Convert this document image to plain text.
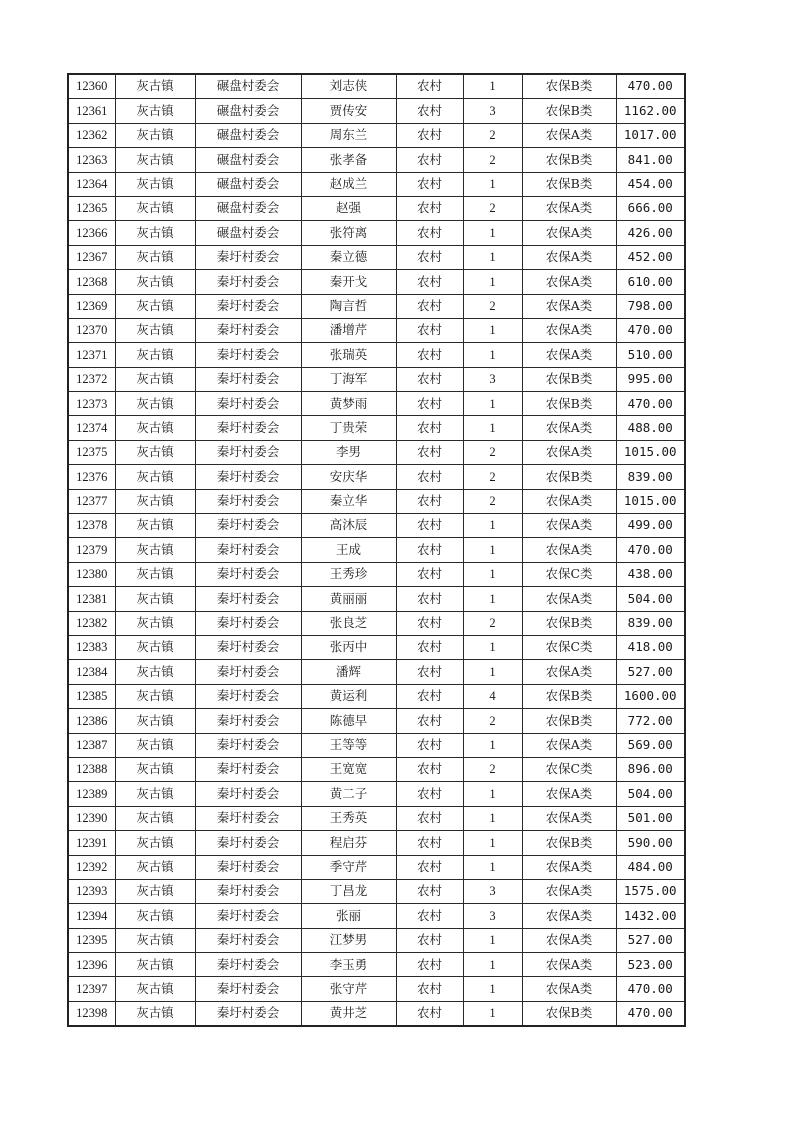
12360	灰古镇	碾盘村委会	刘志侠	农村	1	农保B类	470.00
12361	灰古镇	碾盘村委会	贾传安	农村	3	农保B类	1162.00
12362	灰古镇	碾盘村委会	周东兰	农村	2	农保A类	1017.00
12363	灰古镇	碾盘村委会	张孝备	农村	2	农保B类	841.00
12364	灰古镇	碾盘村委会	赵成兰	农村	1	农保B类	454.00
12365	灰古镇	碾盘村委会	赵强	农村	2	农保A类	666.00
12366	灰古镇	碾盘村委会	张符离	农村	1	农保A类	426.00
12367	灰古镇	秦圩村委会	秦立德	农村	1	农保A类	452.00
12368	灰古镇	秦圩村委会	秦开戈	农村	1	农保A类	610.00
12369	灰古镇	秦圩村委会	陶言哲	农村	2	农保A类	798.00
12370	灰古镇	秦圩村委会	潘增芹	农村	1	农保A类	470.00
12371	灰古镇	秦圩村委会	张瑞英	农村	1	农保A类	510.00
12372	灰古镇	秦圩村委会	丁海军	农村	3	农保B类	995.00
12373	灰古镇	秦圩村委会	黄梦雨	农村	1	农保B类	470.00
12374	灰古镇	秦圩村委会	丁贵荣	农村	1	农保A类	488.00
12375	灰古镇	秦圩村委会	李男	农村	2	农保A类	1015.00
12376	灰古镇	秦圩村委会	安庆华	农村	2	农保B类	839.00
12377	灰古镇	秦圩村委会	秦立华	农村	2	农保A类	1015.00
12378	灰古镇	秦圩村委会	高沐辰	农村	1	农保A类	499.00
12379	灰古镇	秦圩村委会	王成	农村	1	农保A类	470.00
12380	灰古镇	秦圩村委会	王秀珍	农村	1	农保C类	438.00
12381	灰古镇	秦圩村委会	黄丽丽	农村	1	农保A类	504.00
12382	灰古镇	秦圩村委会	张良芝	农村	2	农保B类	839.00
12383	灰古镇	秦圩村委会	张丙中	农村	1	农保C类	418.00
12384	灰古镇	秦圩村委会	潘辉	农村	1	农保A类	527.00
12385	灰古镇	秦圩村委会	黄运利	农村	4	农保B类	1600.00
12386	灰古镇	秦圩村委会	陈德早	农村	2	农保B类	772.00
12387	灰古镇	秦圩村委会	王等等	农村	1	农保A类	569.00
12388	灰古镇	秦圩村委会	王宽宽	农村	2	农保C类	896.00
12389	灰古镇	秦圩村委会	黄二子	农村	1	农保A类	504.00
12390	灰古镇	秦圩村委会	王秀英	农村	1	农保A类	501.00
12391	灰古镇	秦圩村委会	程启芬	农村	1	农保B类	590.00
12392	灰古镇	秦圩村委会	季守芹	农村	1	农保A类	484.00
12393	灰古镇	秦圩村委会	丁昌龙	农村	3	农保A类	1575.00
12394	灰古镇	秦圩村委会	张丽	农村	3	农保A类	1432.00
12395	灰古镇	秦圩村委会	江梦男	农村	1	农保A类	527.00
12396	灰古镇	秦圩村委会	李玉勇	农村	1	农保A类	523.00
12397	灰古镇	秦圩村委会	张守芹	农村	1	农保A类	470.00
12398	灰古镇	秦圩村委会	黄井芝	农村	1	农保B类	470.00
